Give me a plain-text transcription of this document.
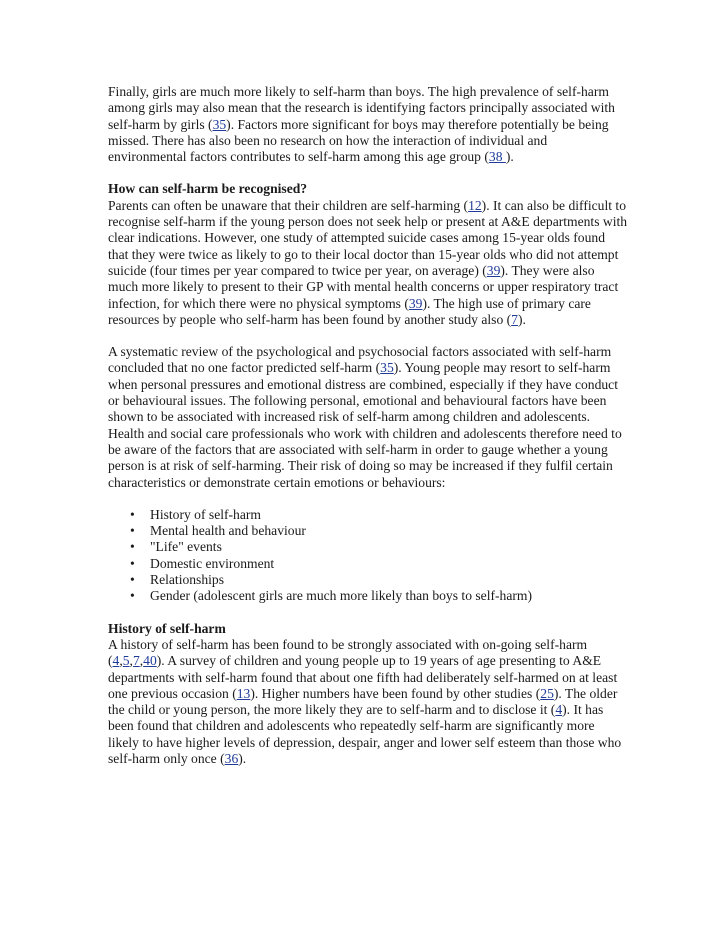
Finally, girls are much more likely to self-harm than boys. The high prevalence of self-harm among girls may also mean that the research is identifying factors principally associated with self-harm by girls (35). Factors more significant for boys may therefore potentially be being missed. There has also been no research on how the interaction of individual and environmental factors contributes to self-harm among this age group (38 ).

How can self-harm be recognised?

Parents can often be unaware that their children are self-harming (12). It can also be difficult to recognise self-harm if the young person does not seek help or present at A&E departments with clear indications. However, one study of attempted suicide cases among 15-year olds found that they were twice as likely to go to their local doctor than 15-year olds who did not attempt suicide (four times per year compared to twice per year, on average) (39). They were also much more likely to present to their GP with mental health concerns or upper respiratory tract infection, for which there were no physical symptoms (39). The high use of primary care resources by people who self-harm has been found by another study also (7).

A systematic review of the psychological and psychosocial factors associated with self-harm concluded that no one factor predicted self-harm (35). Young people may resort to self-harm when personal pressures and emotional distress are combined, especially if they have conduct or behavioural issues. The following personal, emotional and behavioural factors have been shown to be associated with increased risk of self-harm among children and adolescents. Health and social care professionals who work with children and adolescents therefore need to be aware of the factors that are associated with self-harm in order to gauge whether a young person is at risk of self-harming. Their risk of doing so may be increased if they fulfil certain characteristics or demonstrate certain emotions or behaviours:

• History of self-harm
• Mental health and behaviour
• "Life" events
• Domestic environment
• Relationships
• Gender (adolescent girls are much more likely than boys to self-harm)
History of self-harm

A history of self-harm has been found to be strongly associated with on-going self-harm (4,5,7,40). A survey of children and young people up to 19 years of age presenting to A&E departments with self-harm found that about one fifth had deliberately self-harmed on at least one previous occasion (13). Higher numbers have been found by other studies (25). The older the child or young person, the more likely they are to self-harm and to disclose it (4). It has been found that children and adolescents who repeatedly self-harm are significantly more likely to have higher levels of depression, despair, anger and lower self esteem than those who self-harm only once (36).
